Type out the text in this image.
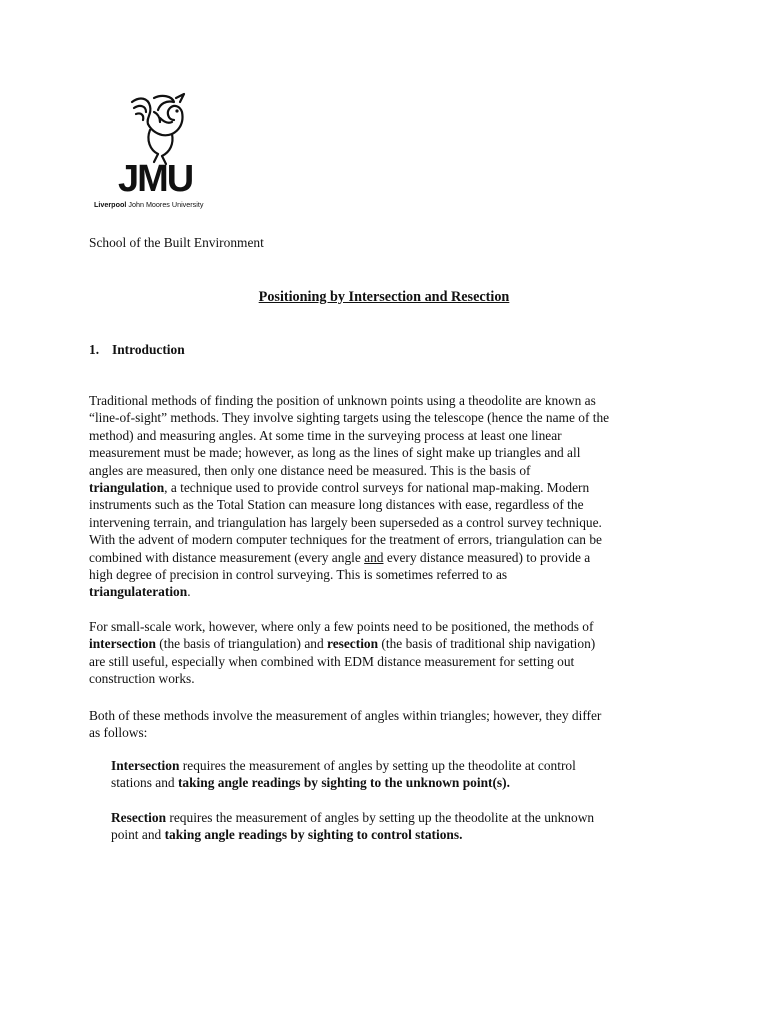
JMU
Liverpool John Moores University
School of the Built Environment
Positioning by Intersection and Resection
1. Introduction
Traditional methods of finding the position of unknown points using a theodolite are known as
“line-of-sight” methods. They involve sighting targets using the telescope (hence the name of the
method) and measuring angles. At some time in the surveying process at least one linear
measurement must be made; however, as long as the lines of sight make up triangles and all
angles are measured, then only one distance need be measured. This is the basis of
triangulation, a technique used to provide control surveys for national map-making. Modern
instruments such as the Total Station can measure long distances with ease, regardless of the
intervening terrain, and triangulation has largely been superseded as a control survey technique.
With the advent of modern computer techniques for the treatment of errors, triangulation can be
combined with distance measurement (every angle and every distance measured) to provide a
high degree of precision in control surveying. This is sometimes referred to as
triangulateration.
For small-scale work, however, where only a few points need to be positioned, the methods of
intersection (the basis of triangulation) and resection (the basis of traditional ship navigation)
are still useful, especially when combined with EDM distance measurement for setting out
construction works.
Both of these methods involve the measurement of angles within triangles; however, they differ
as follows:
Intersection requires the measurement of angles by setting up the theodolite at control
stations and taking angle readings by sighting to the unknown point(s).
Resection requires the measurement of angles by setting up the theodolite at the unknown
point and taking angle readings by sighting to control stations.
